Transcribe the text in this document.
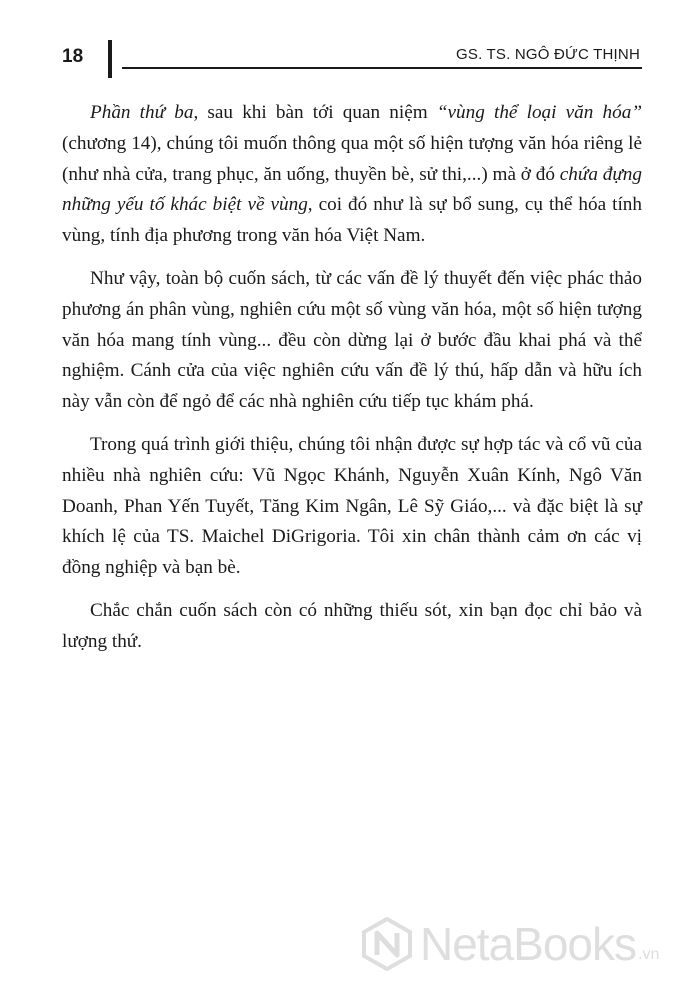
18	GS. TS. NGÔ ĐỨC THỊNH

Phần thứ ba, sau khi bàn tới quan niệm “vùng thể loại văn hóa” (chương 14), chúng tôi muốn thông qua một số hiện tượng văn hóa riêng lẻ (như nhà cửa, trang phục, ăn uống, thuyền bè, sử thi,...) mà ở đó chứa đựng những yếu tố khác biệt về vùng, coi đó như là sự bổ sung, cụ thể hóa tính vùng, tính địa phương trong văn hóa Việt Nam.

Như vậy, toàn bộ cuốn sách, từ các vấn đề lý thuyết đến việc phác thảo phương án phân vùng, nghiên cứu một số vùng văn hóa, một số hiện tượng văn hóa mang tính vùng... đều còn dừng lại ở bước đầu khai phá và thể nghiệm. Cánh cửa của việc nghiên cứu vấn đề lý thú, hấp dẫn và hữu ích này vẫn còn để ngỏ để các nhà nghiên cứu tiếp tục khám phá.

Trong quá trình giới thiệu, chúng tôi nhận được sự hợp tác và cổ vũ của nhiều nhà nghiên cứu: Vũ Ngọc Khánh, Nguyễn Xuân Kính, Ngô Văn Doanh, Phan Yến Tuyết, Tăng Kim Ngân, Lê Sỹ Giáo,... và đặc biệt là sự khích lệ của TS. Maichel DiGrigoria. Tôi xin chân thành cảm ơn các vị đồng nghiệp và bạn bè.

Chắc chắn cuốn sách còn có những thiếu sót, xin bạn đọc chỉ bảo và lượng thứ.

NetaBooks .vn
